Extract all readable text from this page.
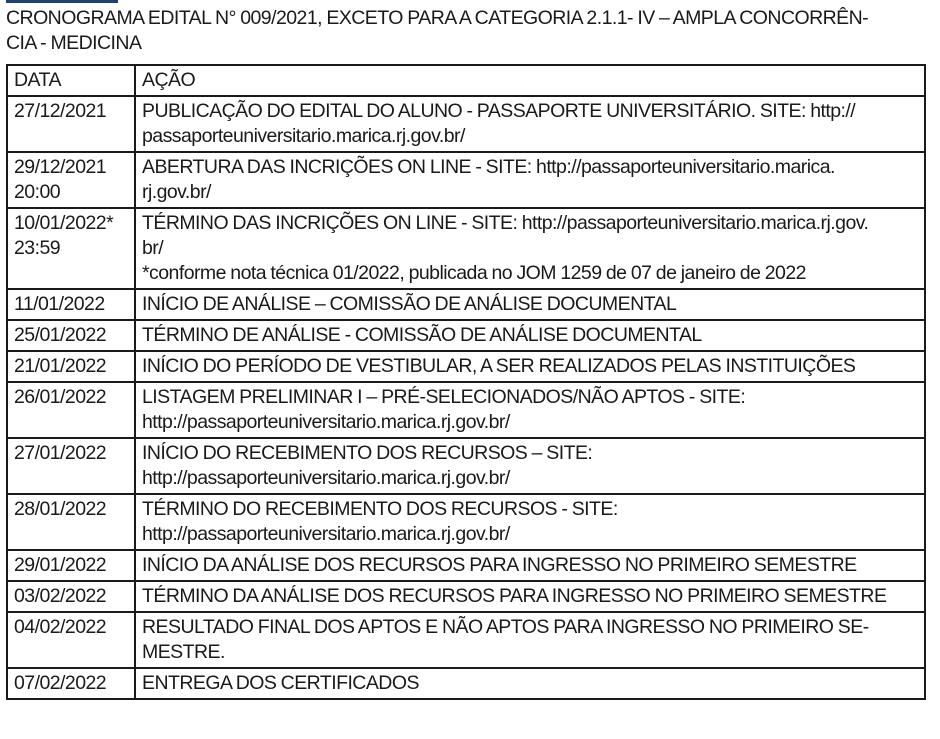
CRONOGRAMA EDITAL N° 009/2021, EXCETO PARA A CATEGORIA 2.1.1- IV – AMPLA CONCORRÊN-
CIA - MEDICINA
DATA	AÇÃO
27/12/2021	PUBLICAÇÃO DO EDITAL DO ALUNO - PASSAPORTE UNIVERSITÁRIO. SITE: http://
passaporteuniversitario.marica.rj.gov.br/
29/12/2021
20:00	ABERTURA DAS INCRIÇÕES ON LINE - SITE: http://passaporteuniversitario.marica.
rj.gov.br/
10/01/2022*
23:59	TÉRMINO DAS INCRIÇÕES ON LINE - SITE: http://passaporteuniversitario.marica.rj.gov.
br/
*conforme nota técnica 01/2022, publicada no JOM 1259 de 07 de janeiro de 2022
11/01/2022	INÍCIO DE ANÁLISE – COMISSÃO DE ANÁLISE DOCUMENTAL
25/01/2022	TÉRMINO DE ANÁLISE - COMISSÃO DE ANÁLISE DOCUMENTAL
21/01/2022	INÍCIO DO PERÍODO DE VESTIBULAR, A SER REALIZADOS PELAS INSTITUIÇÕES
26/01/2022	LISTAGEM PRELIMINAR I – PRÉ-SELECIONADOS/NÃO APTOS - SITE:
http://passaporteuniversitario.marica.rj.gov.br/
27/01/2022	INÍCIO DO RECEBIMENTO DOS RECURSOS – SITE:
http://passaporteuniversitario.marica.rj.gov.br/
28/01/2022	TÉRMINO DO RECEBIMENTO DOS RECURSOS - SITE:
http://passaporteuniversitario.marica.rj.gov.br/
29/01/2022	INÍCIO DA ANÁLISE DOS RECURSOS PARA INGRESSO NO PRIMEIRO SEMESTRE
03/02/2022	TÉRMINO DA ANÁLISE DOS RECURSOS PARA INGRESSO NO PRIMEIRO SEMESTRE
04/02/2022	RESULTADO FINAL DOS APTOS E NÃO APTOS PARA INGRESSO NO PRIMEIRO SE-
MESTRE.
07/02/2022	ENTREGA DOS CERTIFICADOS
